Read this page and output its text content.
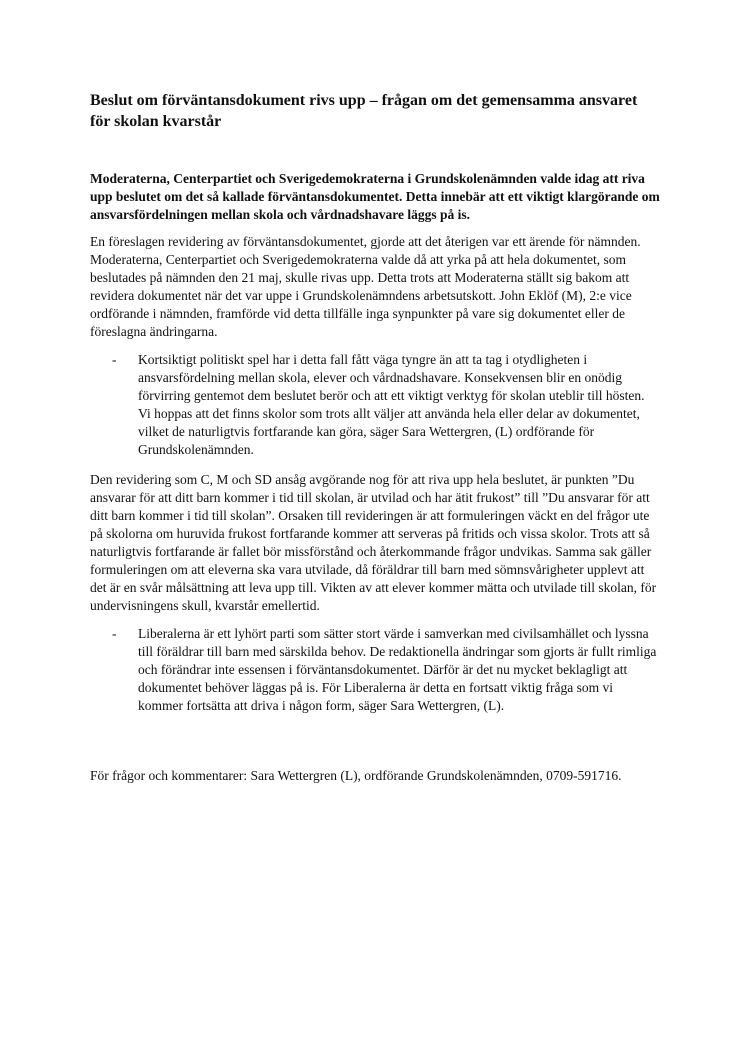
Beslut om förväntansdokument rivs upp – frågan om det gemensamma ansvaret för skolan kvarstår

Moderaterna, Centerpartiet och Sverigedemokraterna i Grundskolenämnden valde idag att riva upp beslutet om det så kallade förväntansdokumentet. Detta innebär att ett viktigt klargörande om ansvarsfördelningen mellan skola och vårdnadshavare läggs på is.

En föreslagen revidering av förväntansdokumentet, gjorde att det återigen var ett ärende för nämnden. Moderaterna, Centerpartiet och Sverigedemokraterna valde då att yrka på att hela dokumentet, som beslutades på nämnden den 21 maj, skulle rivas upp. Detta trots att Moderaterna ställt sig bakom att revidera dokumentet när det var uppe i Grundskolenämndens arbetsutskott. John Eklöf (M), 2:e vice ordförande i nämnden, framförde vid detta tillfälle inga synpunkter på vare sig dokumentet eller de föreslagna ändringarna.

- Kortsiktigt politiskt spel har i detta fall fått väga tyngre än att ta tag i otydligheten i ansvarsfördelning mellan skola, elever och vårdnadshavare. Konsekvensen blir en onödig förvirring gentemot dem beslutet berör och att ett viktigt verktyg för skolan uteblir till hösten. Vi hoppas att det finns skolor som trots allt väljer att använda hela eller delar av dokumentet, vilket de naturligtvis fortfarande kan göra, säger Sara Wettergren, (L) ordförande för Grundskolenämnden.

Den revidering som C, M och SD ansåg avgörande nog för att riva upp hela beslutet, är punkten ”Du ansvarar för att ditt barn kommer i tid till skolan, är utvilad och har ätit frukost” till ”Du ansvarar för att ditt barn kommer i tid till skolan”. Orsaken till revideringen är att formuleringen väckt en del frågor ute på skolorna om huruvida frukost fortfarande kommer att serveras på fritids och vissa skolor. Trots att så naturligtvis fortfarande är fallet bör missförstånd och återkommande frågor undvikas. Samma sak gäller formuleringen om att eleverna ska vara utvilade, då föräldrar till barn med sömnsvårigheter upplevt att det är en svår målsättning att leva upp till. Vikten av att elever kommer mätta och utvilade till skolan, för undervisningens skull, kvarstår emellertid.

- Liberalerna är ett lyhört parti som sätter stort värde i samverkan med civilsamhället och lyssna till föräldrar till barn med särskilda behov. De redaktionella ändringar som gjorts är fullt rimliga och förändrar inte essensen i förväntansdokumentet. Därför är det nu mycket beklagligt att dokumentet behöver läggas på is. För Liberalerna är detta en fortsatt viktig fråga som vi kommer fortsätta att driva i någon form, säger Sara Wettergren, (L).

För frågor och kommentarer: Sara Wettergren (L), ordförande Grundskolenämnden, 0709-591716.
